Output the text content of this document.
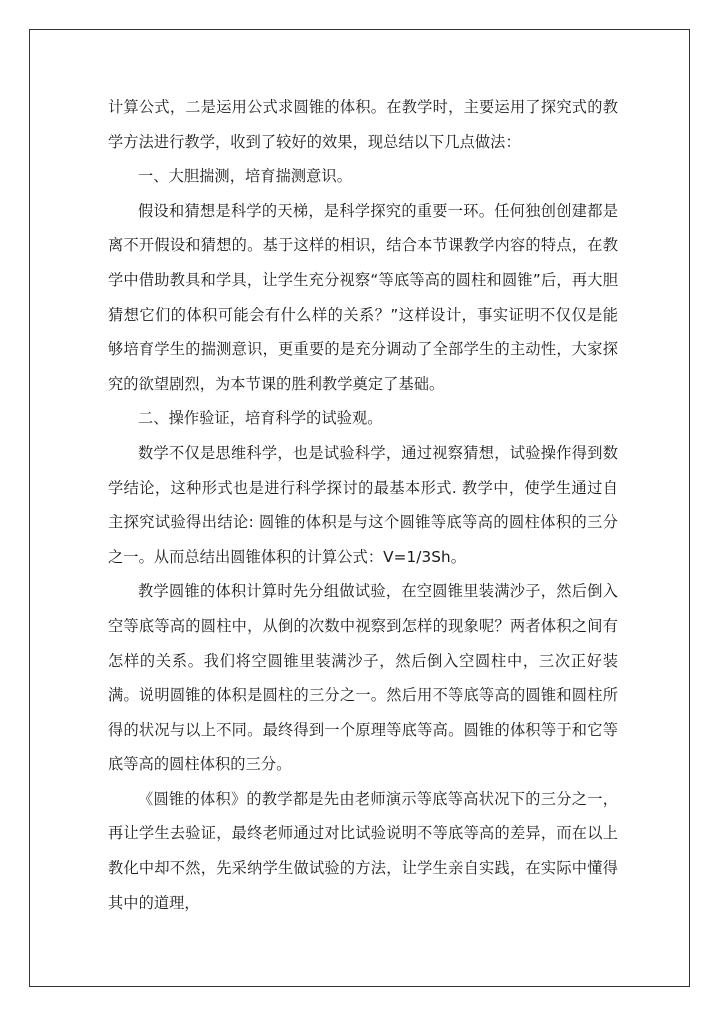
计算公式，二是运用公式求圆锥的体积。在教学时，主要运用了探究式的教学方法进行教学，收到了较好的效果，现总结以下几点做法：

一、大胆揣测，培育揣测意识。

假设和猜想是科学的天梯，是科学探究的重要一环。任何独创创建都是离不开假设和猜想的。基于这样的相识，结合本节课教学内容的特点，在教学中借助教具和学具，让学生充分视察“等底等高的圆柱和圆锥”后，再大胆猜想它们的体积可能会有什么样的关系？”这样设计，事实证明不仅仅是能够培育学生的揣测意识，更重要的是充分调动了全部学生的主动性，大家探究的欲望剧烈，为本节课的胜利教学奠定了基础。

二、操作验证，培育科学的试验观。

数学不仅是思维科学，也是试验科学，通过视察猜想，试验操作得到数学结论，这种形式也是进行科学探讨的最基本形式. 教学中，使学生通过自主探究试验得出结论: 圆锥的体积是与这个圆锥等底等高的圆柱体积的三分之一。从而总结出圆锥体积的计算公式：V=1/3Sh。

教学圆锥的体积计算时先分组做试验，在空圆锥里装满沙子，然后倒入空等底等高的圆柱中，从倒的次数中视察到怎样的现象呢？两者体积之间有怎样的关系。我们将空圆锥里装满沙子，然后倒入空圆柱中，三次正好装满。说明圆锥的体积是圆柱的三分之一。然后用不等底等高的圆锥和圆柱所得的状况与以上不同。最终得到一个原理等底等高。圆锥的体积等于和它等底等高的圆柱体积的三分。

《圆锥的体积》的教学都是先由老师演示等底等高状况下的三分之一，再让学生去验证，最终老师通过对比试验说明不等底等高的差异，而在以上教化中却不然，先采纳学生做试验的方法，让学生亲自实践，在实际中懂得其中的道理，
